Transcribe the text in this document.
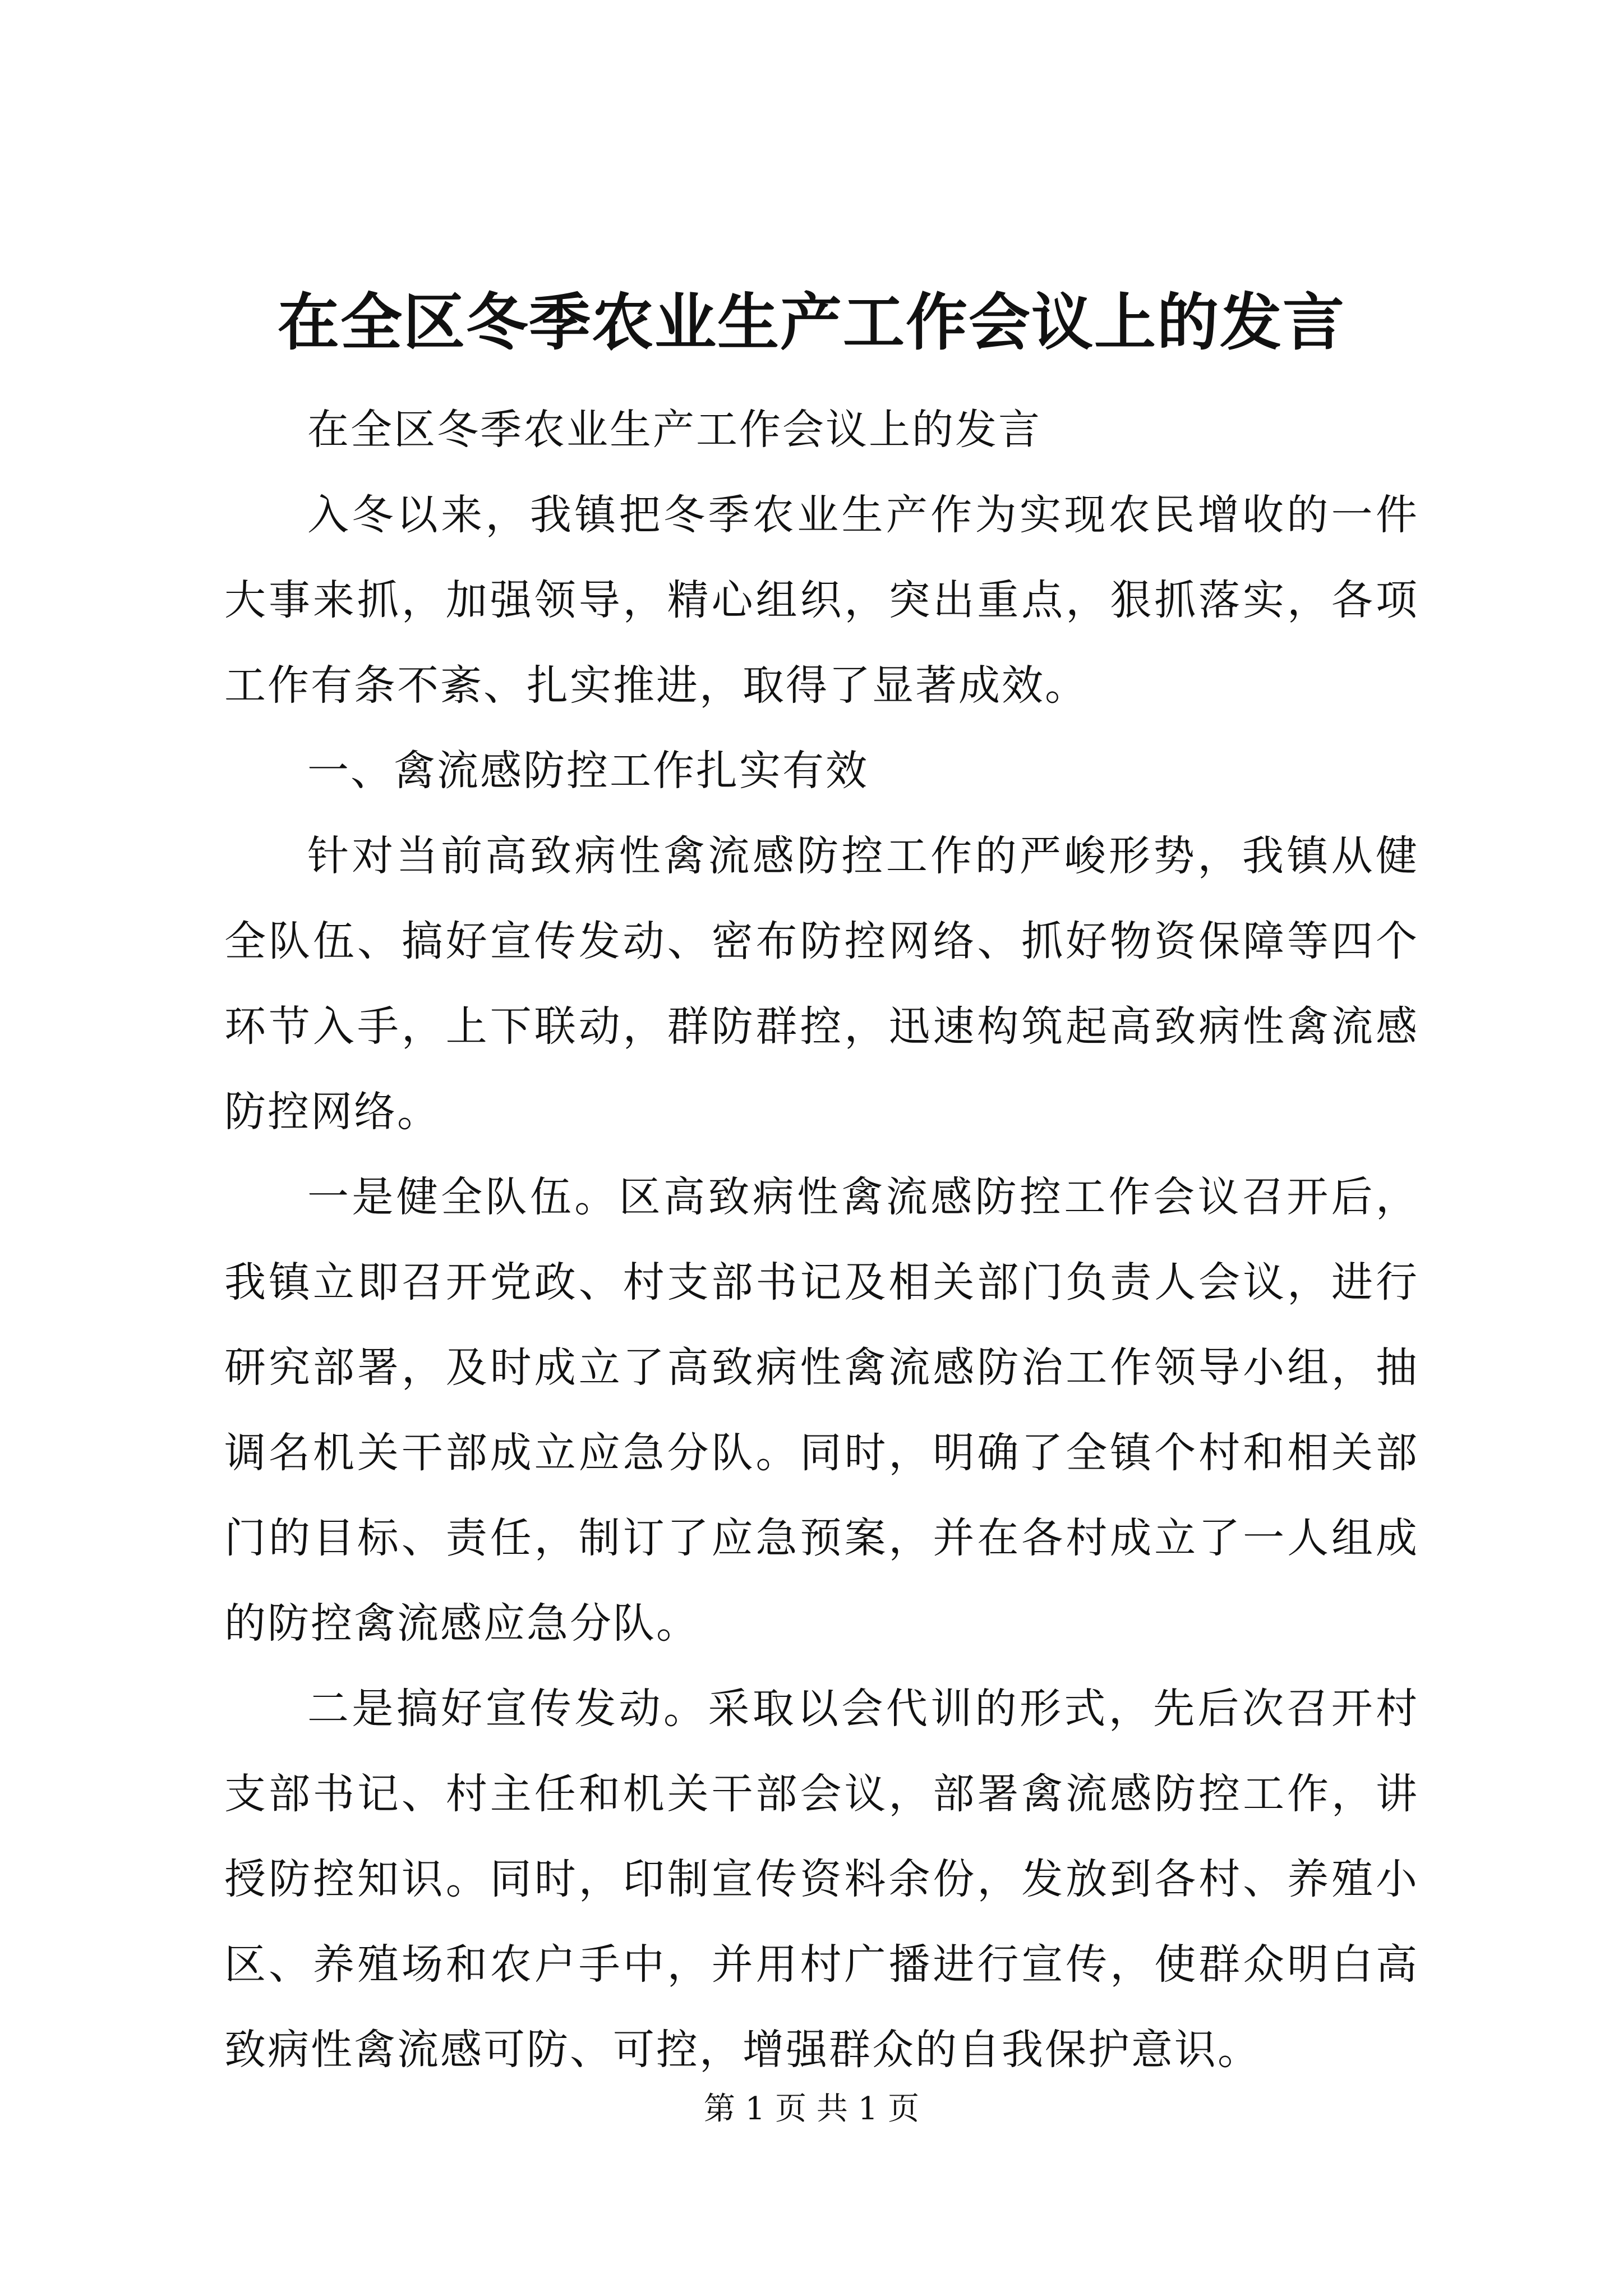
在全区冬季农业生产工作会议上的发言

在全区冬季农业生产工作会议上的发言

入冬以来，我镇把冬季农业生产作为实现农民增收的一件大事来抓，加强领导，精心组织，突出重点，狠抓落实，各项工作有条不紊、扎实推进，取得了显著成效。

一、禽流感防控工作扎实有效

针对当前高致病性禽流感防控工作的严峻形势，我镇从健全队伍、搞好宣传发动、密布防控网络、抓好物资保障等四个环节入手，上下联动，群防群控，迅速构筑起高致病性禽流感防控网络。

一是健全队伍。区高致病性禽流感防控工作会议召开后，我镇立即召开党政、村支部书记及相关部门负责人会议，进行研究部署，及时成立了高致病性禽流感防治工作领导小组，抽调名机关干部成立应急分队。同时，明确了全镇个村和相关部门的目标、责任，制订了应急预案，并在各村成立了一人组成的防控禽流感应急分队。

二是搞好宣传发动。采取以会代训的形式，先后次召开村支部书记、村主任和机关干部会议，部署禽流感防控工作，讲授防控知识。同时，印制宣传资料余份，发放到各村、养殖小区、养殖场和农户手中，并用村广播进行宣传，使群众明白高致病性禽流感可防、可控，增强群众的自我保护意识。

第 1 页 共 1 页
